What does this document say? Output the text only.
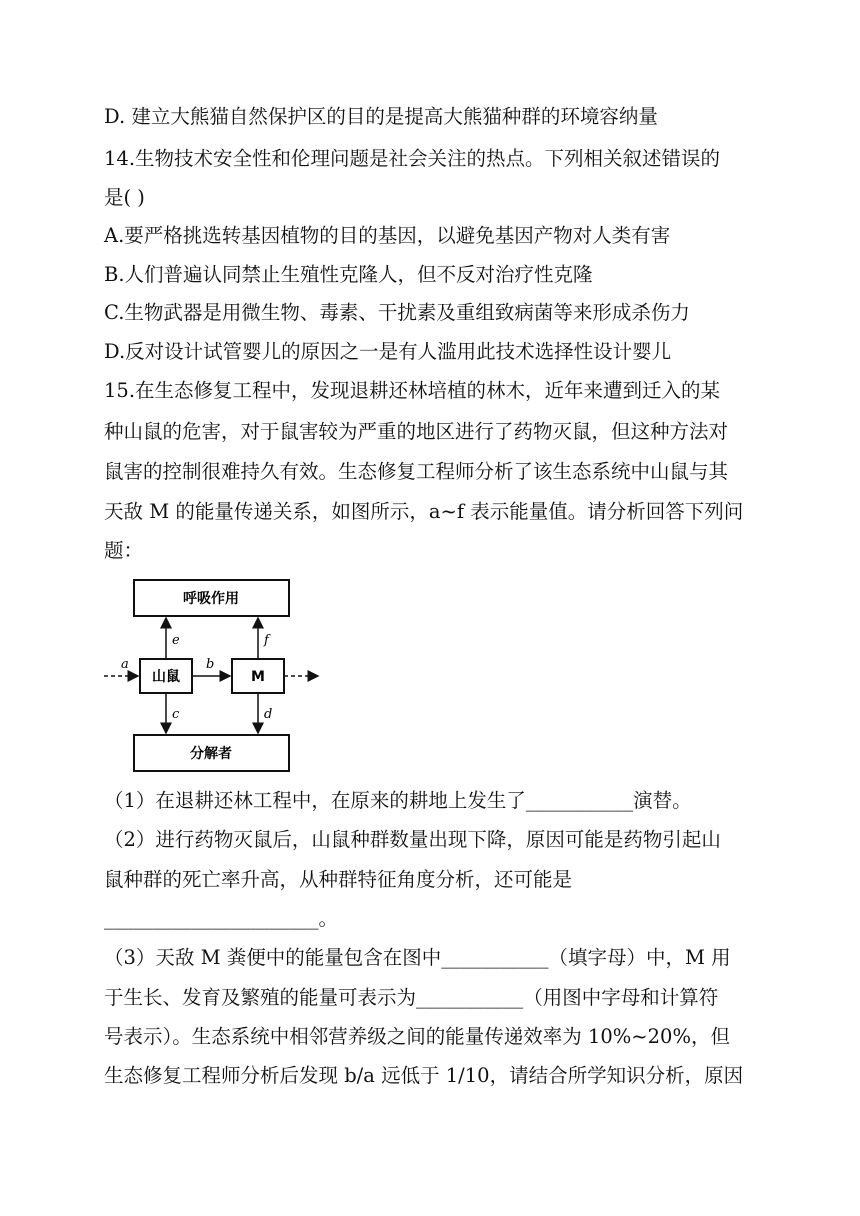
D. 建立大熊猫自然保护区的目的是提高大熊猫种群的环境容纳量
14.生物技术安全性和伦理问题是社会关注的热点。下列相关叙述错误的
是( )
A.要严格挑选转基因植物的目的基因，以避免基因产物对人类有害
B.人们普遍认同禁止生殖性克隆人，但不反对治疗性克隆
C.生物武器是用微生物、毒素、干扰素及重组致病菌等来形成杀伤力
D.反对设计试管婴儿的原因之一是有人滥用此技术选择性设计婴儿
15.在生态修复工程中，发现退耕还林培植的林木，近年来遭到迁入的某
种山鼠的危害，对于鼠害较为严重的地区进行了药物灭鼠，但这种方法对
鼠害的控制很难持久有效。生态修复工程师分析了该生态系统中山鼠与其
天敌 M 的能量传递关系，如图所示，a~f 表示能量值。请分析回答下列问
题：
呼吸作用
分解者
山鼠	M
a	b
e	f
c	d
（1）在退耕还林工程中，在原来的耕地上发生了___________演替。
（2）进行药物灭鼠后，山鼠种群数量出现下降，原因可能是药物引起山
鼠种群的死亡率升高，从种群特征角度分析，还可能是
______________________。
（3）天敌 M 粪便中的能量包含在图中___________（填字母）中，M 用
于生长、发育及繁殖的能量可表示为___________（用图中字母和计算符
号表示）。生态系统中相邻营养级之间的能量传递效率为 10%~20%，但
生态修复工程师分析后发现 b/a 远低于 1/10，请结合所学知识分析，原因
